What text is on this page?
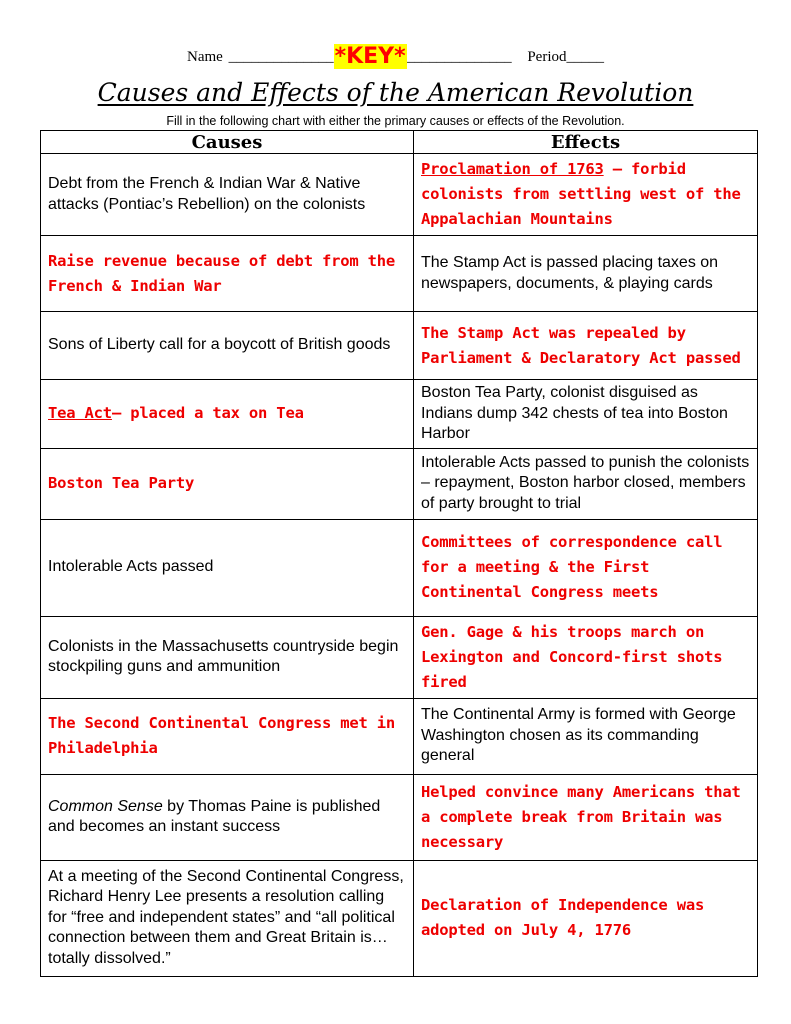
Name ______________*KEY*______________ Period_____
Causes and Effects of the American Revolution
Fill in the following chart with either the primary causes or effects of the Revolution.
Causes	Effects
Debt from the French & Indian War & Native attacks (Pontiac’s Rebellion) on the colonists	Proclamation of 1763 – forbid colonists from settling west of the Appalachian Mountains
Raise revenue because of debt from the French & Indian War	The Stamp Act is passed placing taxes on newspapers, documents, & playing cards
Sons of Liberty call for a boycott of British goods	The Stamp Act was repealed by Parliament & Declaratory Act passed
Tea Act– placed a tax on Tea	Boston Tea Party, colonist disguised as Indians dump 342 chests of tea into Boston Harbor
Boston Tea Party	Intolerable Acts passed to punish the colonists – repayment, Boston harbor closed, members of party brought to trial
Intolerable Acts passed	Committees of correspondence call for a meeting & the First Continental Congress meets
Colonists in the Massachusetts countryside begin stockpiling guns and ammunition	Gen. Gage & his troops march on Lexington and Concord-first shots fired
The Second Continental Congress met in Philadelphia	The Continental Army is formed with George Washington chosen as its commanding general
Common Sense by Thomas Paine is published and becomes an instant success	Helped convince many Americans that a complete break from Britain was necessary
At a meeting of the Second Continental Congress, Richard Henry Lee presents a resolution calling for “free and independent states” and “all political connection between them and Great Britain is…totally dissolved.”	Declaration of Independence was adopted on July 4, 1776
